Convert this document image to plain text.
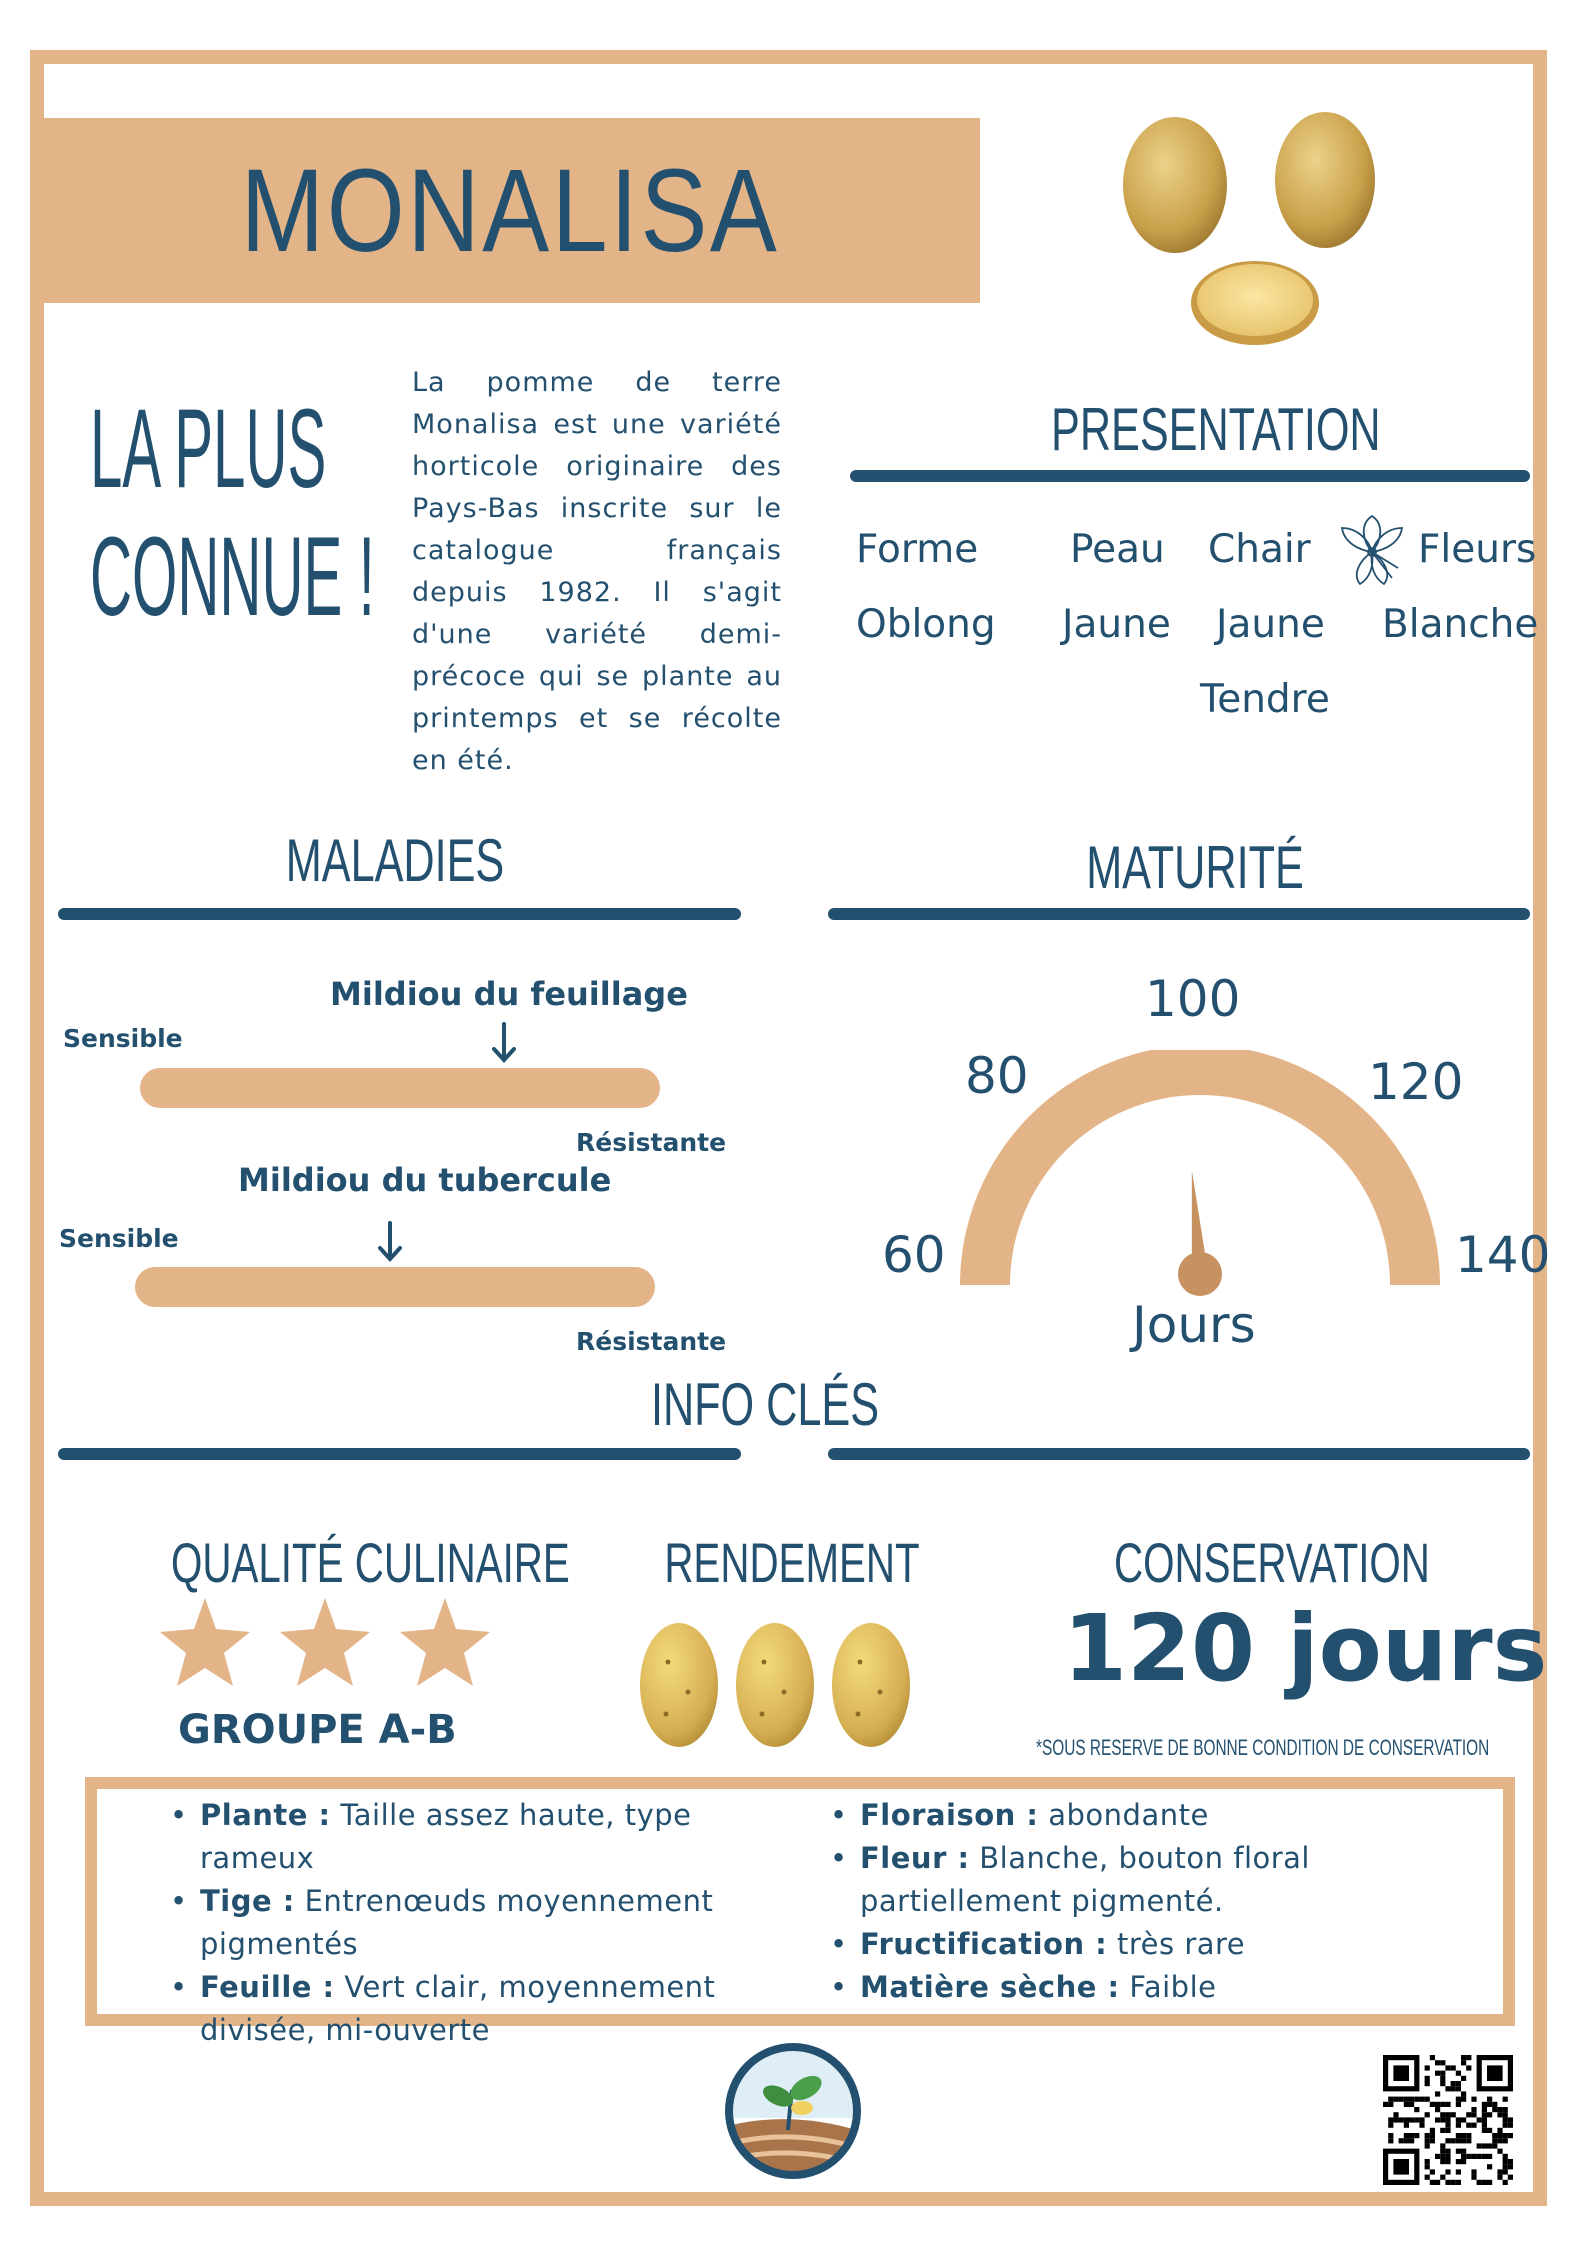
MONALISA
LA PLUS
CONNUE !
La pomme de terre Monalisa est une variété horticole originaire des Pays-Bas inscrite sur le catalogue français depuis 1982. Il s'agit d'une variété demi-précoce qui se plante au printemps et se récolte en été.
PRESENTATION
Forme Peau Chair	Fleurs
Oblong Jaune Jaune Blanche
Tendre
MALADIES
Mildiou du feuillage
Sensible
Résistante
Mildiou du tubercule
Sensible
Résistante
MATURITÉ
60
80
100
120
140
Jours
INFO CLÉS
QUALITÉ CULINAIRE
GROUPE A-B
RENDEMENT	CONSERVATION
120 jours
*SOUS RESERVE DE BONNE CONDITION DE CONSERVATION
• Plante : Taille assez haute, type rameux
• Tige : Entrenœuds moyennement pigmentés
• Feuille : Vert clair, moyennement divisée, mi-ouverte
• Floraison : abondante
• Fleur : Blanche, bouton floral partiellement pigmenté.
• Fructification : très rare
• Matière sèche : Faible
